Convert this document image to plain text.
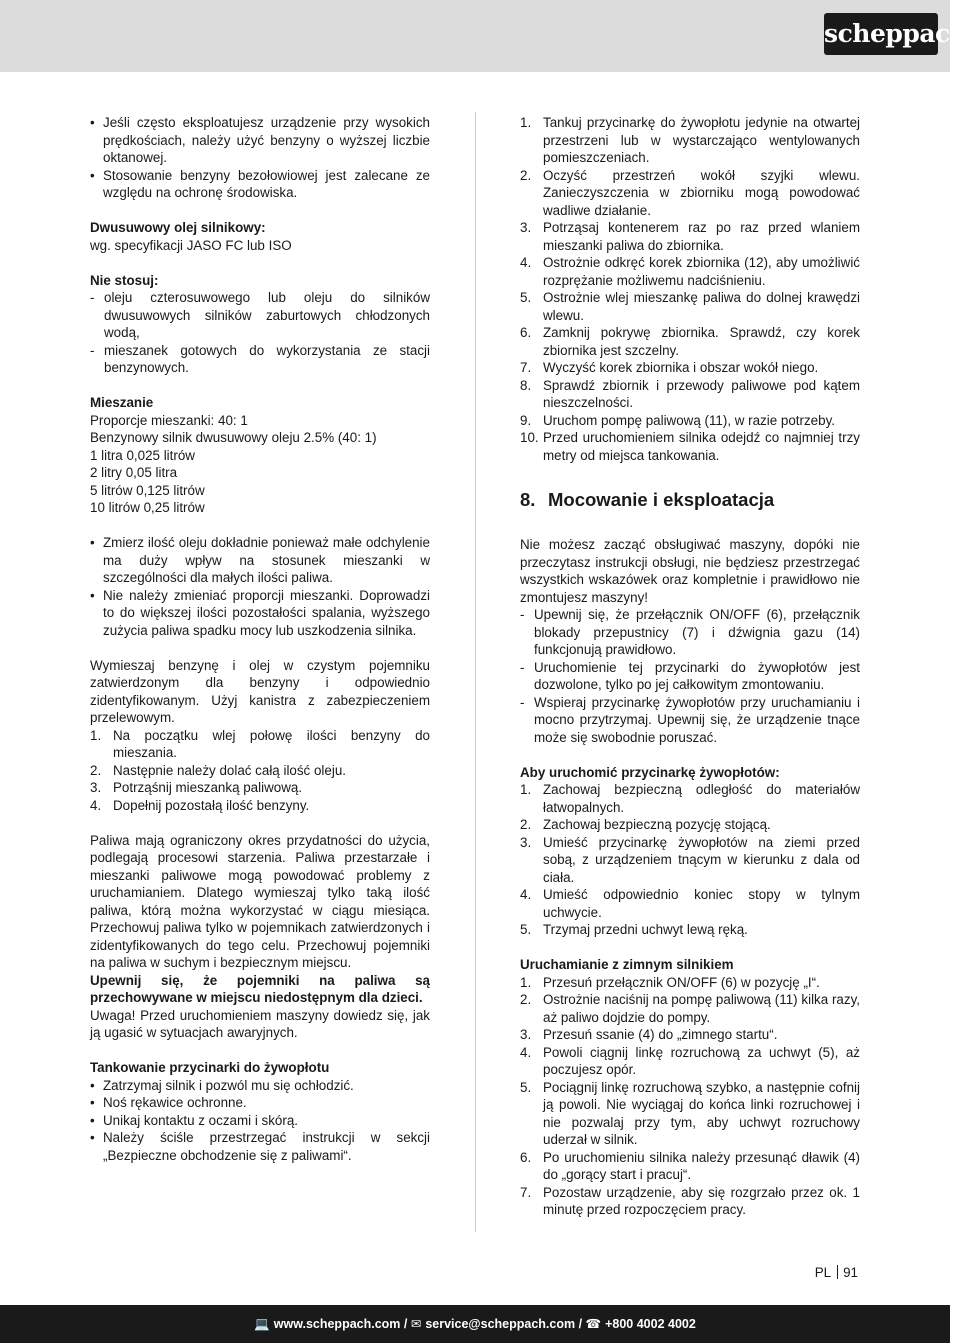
scheppach
• Jeśli często eksploatujesz urządzenie przy wysokich prędkościach, należy użyć benzyny o wyższej liczbie oktanowej.
• Stosowanie benzyny bezołowiowej jest zalecane ze względu na ochronę środowiska.

Dwusuwowy olej silnikowy:

wg. specyfikacji JASO FC lub ISO

Nie stosuj:

- oleju czterosuwowego lub oleju do silników dwusuwowych silników zaburtowych chłodzonych wodą,
- mieszanek gotowych do wykorzystania ze stacji benzynowych.

Mieszanie

Proporcje mieszanki: 40: 1

Benzynowy silnik dwusuwowy oleju 2.5% (40: 1)

1 litra 0,025 litrów

2 litry 0,05 litra

5 litrów 0,125 litrów

10 litrów 0,25 litrów

• Zmierz ilość oleju dokładnie ponieważ małe odchylenie ma duży wpływ na stosunek mieszanki w szczególności dla małych ilości paliwa.
• Nie należy zmieniać proporcji mieszanki. Doprowadzi to do większej ilości pozostałości spalania, wyższego zużycia paliwa spadku mocy lub uszkodzenia silnika.

Wymieszaj benzynę i olej w czystym pojemniku zatwierdzonym dla benzyny i odpowiednio zidentyfikowanym. Użyj kanistra z zabezpieczeniem przelewowym.

1. Na początku wlej połowę ilości benzyny do mieszania.
2. Następnie należy dolać całą ilość oleju.
3. Potrząśnij mieszanką paliwową.
4. Dopełnij pozostałą ilość benzyny.

Paliwa mają ograniczony okres przydatności do użycia, podlegają procesowi starzenia. Paliwa przestarzałe i mieszanki paliwowe mogą powodować problemy z uruchamianiem. Dlatego wymieszaj tylko taką ilość paliwa, którą można wykorzystać w ciągu miesiąca. Przechowuj paliwa tylko w pojemnikach zatwierdzonych i zidentyfikowanych do tego celu. Przechowuj pojemniki na paliwa w suchym i bezpiecznym miejscu.

Upewnij się, że pojemniki na paliwa są przechowywane w miejscu niedostępnym dla dzieci.

Uwaga! Przed uruchomieniem maszyny dowiedz się, jak ją ugasić w sytuacjach awaryjnych.

Tankowanie przycinarki do żywopłotu

• Zatrzymaj silnik i pozwól mu się ochłodzić.
• Noś rękawice ochronne.
• Unikaj kontaktu z oczami i skórą.
• Należy ściśle przestrzegać instrukcji w sekcji „Bezpieczne obchodzenie się z paliwami“.
1. Tankuj przycinarkę do żywopłotu jedynie na otwartej przestrzeni lub w wystarczająco wentylowanych pomieszczeniach.
2. Oczyść przestrzeń wokół szyjki wlewu. Zanieczyszczenia w zbiorniku mogą powodować wadliwe działanie.
3. Potrząsaj kontenerem raz po raz przed wlaniem mieszanki paliwa do zbiornika.
4. Ostrożnie odkręć korek zbiornika (12), aby umożliwić rozprężanie możliwemu nadciśnieniu.
5. Ostrożnie wlej mieszankę paliwa do dolnej krawędzi wlewu.
6. Zamknij pokrywę zbiornika. Sprawdź, czy korek zbiornika jest szczelny.
7. Wyczyść korek zbiornika i obszar wokół niego.
8. Sprawdź zbiornik i przewody paliwowe pod kątem nieszczelności.
9. Uruchom pompę paliwową (11), w razie potrzeby.
10. Przed uruchomieniem silnika odejdź co najmniej trzy metry od miejsca tankowania.

8. Mocowanie i eksploatacja

Nie możesz zacząć obsługiwać maszyny, dopóki nie przeczytasz instrukcji obsługi, nie będziesz przestrzegać wszystkich wskazówek oraz kompletnie i prawidłowo nie zmontujesz maszyny!

- Upewnij się, że przełącznik ON/OFF (6), przełącznik blokady przepustnicy (7) i dźwignia gazu (14) funkcjonują prawidłowo.
- Uruchomienie tej przycinarki do żywopłotów jest dozwolone, tylko po jej całkowitym zmontowaniu.
- Wspieraj przycinarkę żywopłotów przy uruchamianiu i mocno przytrzymaj. Upewnij się, że urządzenie tnące może się swobodnie poruszać.

Aby uruchomić przycinarkę żywopłotów:

1. Zachowaj bezpieczną odległość do materiałów łatwopalnych.
2. Zachowaj bezpieczną pozycję stojącą.
3. Umieść przycinarkę żywopłotów na ziemi przed sobą, z urządzeniem tnącym w kierunku z dala od ciała.
4. Umieść odpowiednio koniec stopy w tylnym uchwycie.
5. Trzymaj przedni uchwyt lewą ręką.

Uruchamianie z zimnym silnikiem

1. Przesuń przełącznik ON/OFF (6) w pozycję „I“.
2. Ostrożnie naciśnij na pompę paliwową (11) kilka razy, aż paliwo dojdzie do pompy.
3. Przesuń ssanie (4) do „zimnego startu“.
4. Powoli ciągnij linkę rozruchową za uchwyt (5), aż poczujesz opór.
5. Pociągnij linkę rozruchową szybko, a następnie cofnij ją powoli. Nie wyciągaj do końca linki rozruchowej i nie pozwalaj przy tym, aby uchwyt rozruchowy uderzał w silnik.
6. Po uruchomieniu silnika należy przesunąć dławik (4) do „gorący start i pracuj“.
7. Pozostaw urządzenie, aby się rozgrzało przez ok. 1 minutę przed rozpoczęciem pracy.
PL 91
💻 www.scheppach.com / ✉ service@scheppach.com / ☎ +800 4002 4002
